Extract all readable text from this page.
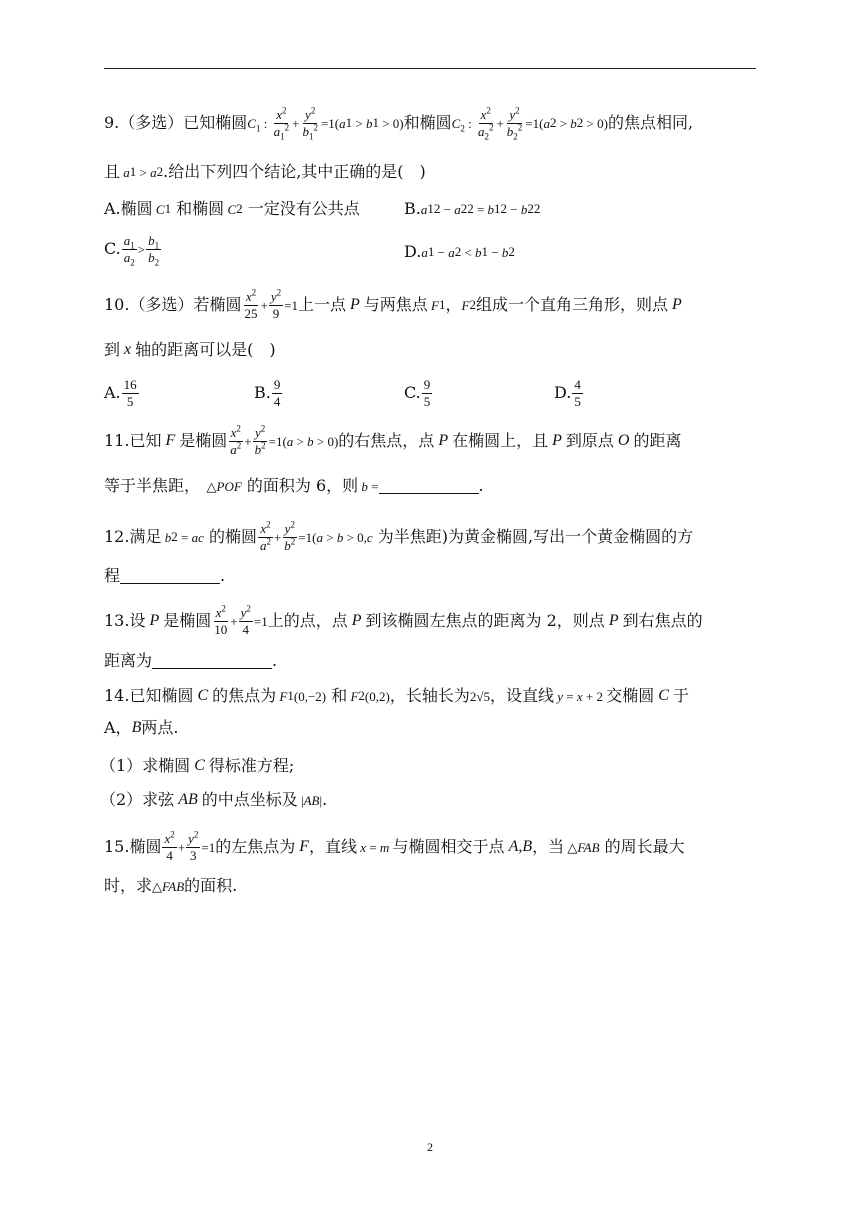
9. （多选） 已知椭圆 $C_1$ : $\frac{x^2}{a_1^2} + \frac{y^2}{b_1^2} =1$( a 1 > b 1 > 0) 和椭圆 $C_2$ : $\frac{x^2}{a_2^2} + \frac{y^2}{b_2^2} =1$( a 2 > b 2 > 0) 的焦点相同,
且 a 1 > a 2 .给出下列四个结论,其中正确的是(　)
A.椭圆 C 1
和椭圆 C 2
一定没有公共点	B. a 1 2 − a 2 2 = b 1 2 − b 2 2
C. $\frac{a_1}{a_2} > \frac{b_1}{b_2}$	D. a 1 − a 2 < b 1 − b 2
10. （多选） 若椭圆 $\frac{x^2}{25} + \frac{y^2}{9} =1$ 上一点 P 与两焦点 F 1 ， F 2 组成一个直角三角形，则点 P
到 x 轴的距离可以是(　)
A. $\frac{16}{5}$	B. $\frac{9}{4}$	C. $\frac{9}{5}$	D. $\frac{4}{5}$
11. 已知 F 是椭圆 $\frac{x^2}{a^2} + \frac{y^2}{b^2} =1$( a > b > 0) 的右焦点，点 P 在椭圆上，且 P 到原点 O 的距离
等于半焦距， △ POF
的面积为 6，则 b =	.
12. 满足 b 2 = ac
的椭圆 $\frac{x^2}{a^2} + \frac{y^2}{b^2} =1$( a > b > 0, c
为半焦距)为黄金椭圆,写出一个黄金椭圆的方
程	.
13. 设 P 是椭圆 $\frac{x^2}{10} + \frac{y^2}{4} =1$ 上的点，点 P 到该椭圆左焦点的距离为 2，则点 P 到右焦点的
距离为	.
14. 已知椭圆 C 的焦点为 F 1 (0,−2)
和 F 2 (0,2) ，长轴长为 2√5 ，设直线 y = x + 2 交椭圆 C 于
A， B 两点.
（1）求椭圆 C 得标准方程;
（2）求弦 AB 的中点坐标及 | AB | .
15. 椭圆 $\frac{x^2}{4} + \frac{y^2}{3} =1$ 的左焦点为 F ，直线 x = m 与椭圆相交于点 A,B ，当 △ FAB
的周长最大
时，求 △ FAB 的面积.
2
